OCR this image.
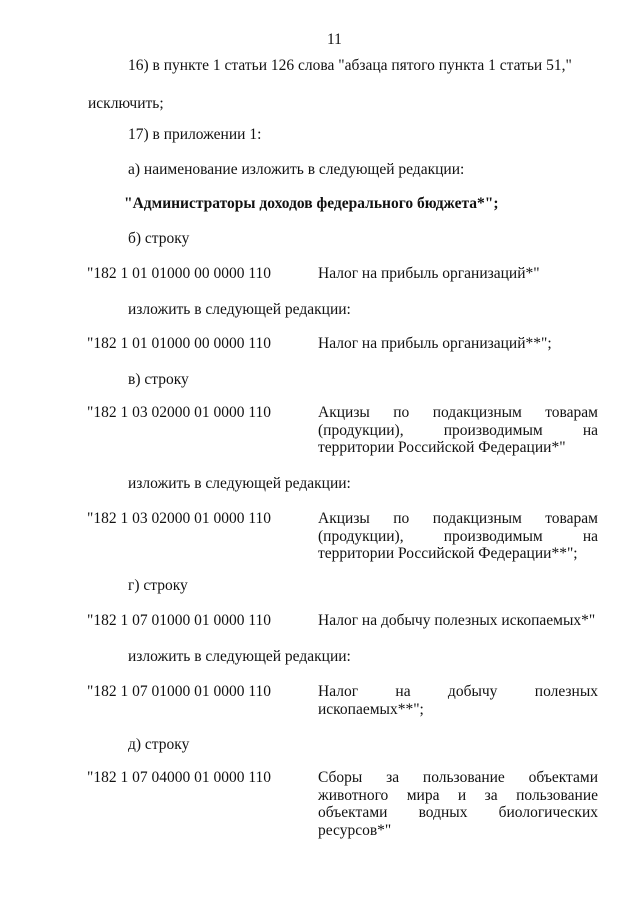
11
16) в пункте 1 статьи 126 слова "абзаца пятого пункта 1 статьи 51,"
исключить;
17) в приложении 1:
а) наименование изложить в следующей редакции:
"Администраторы доходов федерального бюджета*";
б) строку
"182 1 01 01000 00 0000 110	Налог на прибыль организаций*"
изложить в следующей редакции:
"182 1 01 01000 00 0000 110	Налог на прибыль организаций**";
в) строку
"182 1 03 02000 01 0000 110	Акцизы по подакцизным товарам
(продукции), производимым на
территории Российской Федерации*"
изложить в следующей редакции:
"182 1 03 02000 01 0000 110	Акцизы по подакцизным товарам
(продукции), производимым на
территории Российской Федерации**";
г) строку
"182 1 07 01000 01 0000 110	Налог на добычу полезных ископаемых*"
изложить в следующей редакции:
"182 1 07 01000 01 0000 110	Налог на добычу полезных
ископаемых**";
д) строку
"182 1 07 04000 01 0000 110	Сборы за пользование объектами
животного мира и за пользование
объектами водных биологических
ресурсов*"
